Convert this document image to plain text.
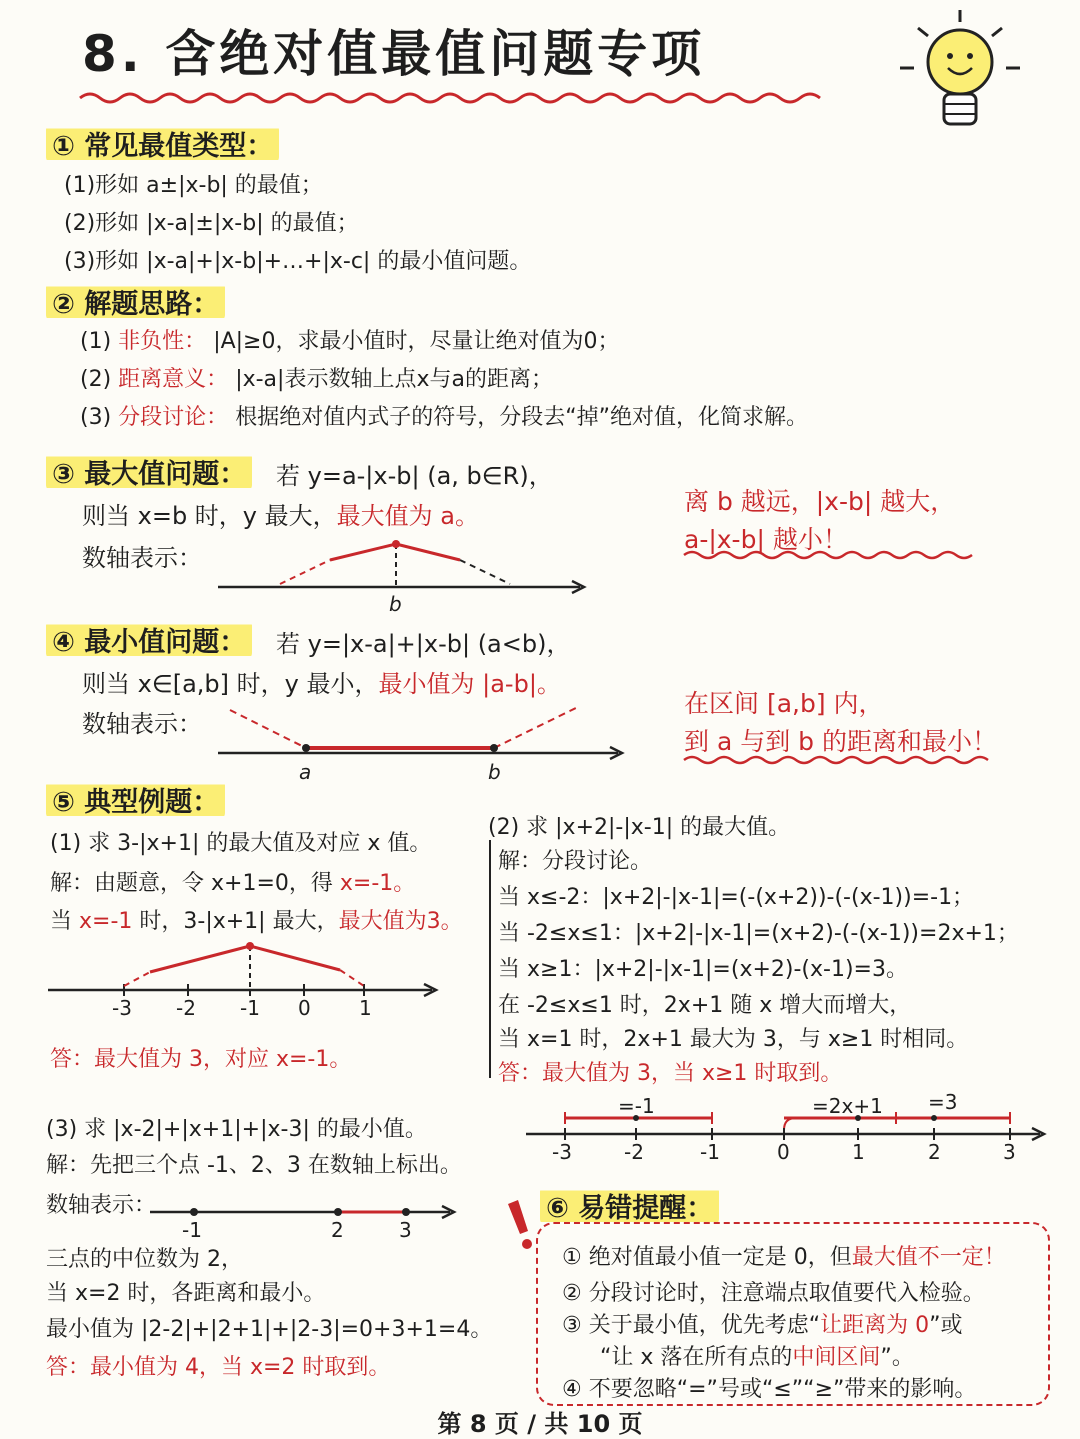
8. 含绝对值最值问题专项
① 常见最值类型：
(1)形如 a±|x-b| 的最值；
(2)形如 |x-a|±|x-b| 的最值；
(3)形如 |x-a|+|x-b|+…+|x-c| 的最小值问题。
② 解题思路：
(1) 非负性： |A|≥0，求最小值时，尽量让绝对值为0；
(2) 距离意义： |x-a|表示数轴上点x与a的距离；
(3) 分段讨论： 根据绝对值内式子的符号，分段去“掉”绝对值，化简求解。
③ 最大值问题： 若 y=a-|x-b| (a, b∈R)，
则当 x=b 时，y 最大，最大值为 a。
数轴表示：
b
离 b 越远，|x-b| 越大，
a-|x-b| 越小！
④ 最小值问题： 若 y=|x-a|+|x-b| (a<b)，
则当 x∈[a,b] 时，y 最小，最小值为 |a-b|。
数轴表示：
a	b
在区间 [a,b] 内，
到 a 与到 b 的距离和最小！
⑤ 典型例题：
(1) 求 3-|x+1| 的最大值及对应 x 值。
解：由题意，令 x+1=0，得 x=-1。
当 x=-1 时，3-|x+1| 最大，最大值为3。
-3 -2 -1 0 1
答：最大值为 3，对应 x=-1。
(2) 求 |x+2|-|x-1| 的最大值。
解：分段讨论。
当 x≤-2：|x+2|-|x-1|=(-(x+2))-(-(x-1))=-1；
当 -2≤x≤1：|x+2|-|x-1|=(x+2)-(-(x-1))=2x+1；
当 x≥1：|x+2|-|x-1|=(x+2)-(x-1)=3。
在 -2≤x≤1 时，2x+1 随 x 增大而增大，
当 x=1 时，2x+1 最大为 3，与 x≥1 时相同。
答：最大值为 3，当 x≥1 时取到。
=-1	=2x+1 =3
-3	-2	-1	0	1	2	3
(3) 求 |x-2|+|x+1|+|x-3| 的最小值。
解：先把三个点 -1、2、3 在数轴上标出。
数轴表示：
-1	2	3
三点的中位数为 2，
当 x=2 时，各距离和最小。
最小值为 |2-2|+|2+1|+|2-3|=0+3+1=4。
答：最小值为 4，当 x=2 时取到。
⑥ 易错提醒：
① 绝对值最小值一定是 0，但最大值不一定！
② 分段讨论时，注意端点取值要代入检验。
③ 关于最小值，优先考虑“让距离为 0”或
“让 x 落在所有点的中间区间”。
④ 不要忽略“=”号或“≤”“≥”带来的影响。
第 8 页 / 共 10 页
